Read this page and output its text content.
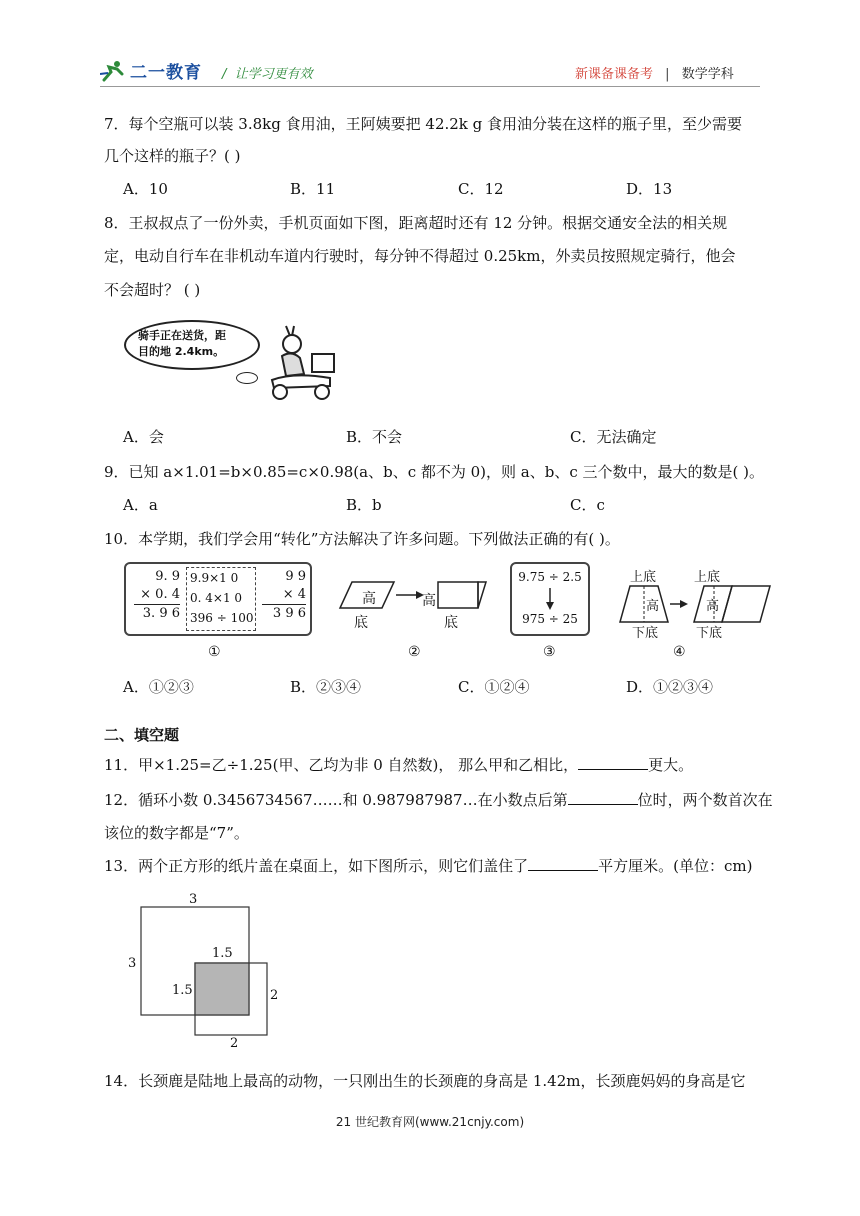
二一教育 / 让学习更有效	新课备课备考 | 数学学科
7．每个空瓶可以装 3.8kg 食用油，王阿姨要把 42.2k g 食用油分装在这样的瓶子里，至少需要
几个这样的瓶子？( )
A．10	B．11	C．12	D．13
8．王叔叔点了一份外卖，手机页面如下图，距离超时还有 12 分钟。根据交通安全法的相关规
定，电动自行车在非机动车道内行驶时，每分钟不得超过 0.25km，外卖员按照规定骑行，他会
不会超时？ ( )
骑手正在送货，距
目的地 2.4km。
A．会	B．不会	C．无法确定
9．已知 a×1.01=b×0.85=c×0.98(a、b、c 都不为 0)，则 a、b、c 三个数中，最大的数是( )。
A．a	B．b	C．c
10．本学期，我们学会用“转化”方法解决了许多问题。下列做法正确的有( )。
9. 9
× 0. 4
3. 9 6
9.9×1 0
0. 4×1 0
396 ÷ 100
9 9
× 4
3 9 6
①
高
底
高
底
②
9.75 ÷ 2.5
975 ÷ 25
③
上底
高
下底
上底
高
下底
④
A．①②③	B．②③④	C．①②④	D．①②③④
二、填空题
11．甲×1.25=乙÷1.25(甲、乙均为非 0 自然数)， 那么甲和乙相比，	更大。
12．循环小数 0.3456734567……和 0.987987987…在小数点后第	位时，两个数首次在
该位的数字都是“7”。
13．两个正方形的纸片盖在桌面上，如下图所示，则它们盖住了	平方厘米。(单位：cm)
3
3
1.5
1.5	2
2
14．长颈鹿是陆地上最高的动物，一只刚出生的长颈鹿的身高是 1.42m，长颈鹿妈妈的身高是它
21 世纪教育网(www.21cnjy.com)
